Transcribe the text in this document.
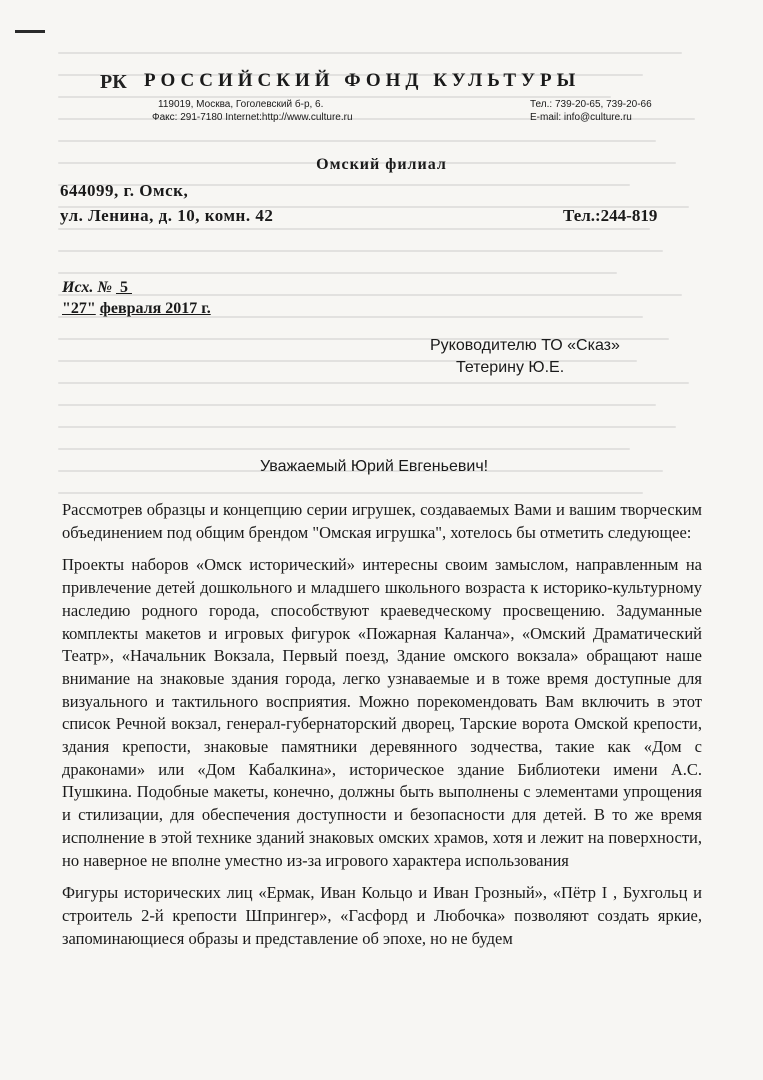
РК РОССИЙСКИЙ ФОНД КУЛЬТУРЫ
119019, Москва, Гоголевский б-р, 6.	Тел.: 739-20-65, 739-20-66
Факс: 291-7180 Internet:http://www.culture.ru	E-mail: info@culture.ru
Омский филиал
644099, г. Омск,
ул. Ленина, д. 10, комн. 42	Тел.:244-819
Исх. № 5
"27" февраля 2017 г.
Руководителю ТО «Сказ»
Тетерину Ю.Е.
Уважаемый Юрий Евгеньевич!

Рассмотрев образцы и концепцию серии игрушек, создаваемых Вами и вашим творческим объединением под общим брендом "Омская игрушка", хотелось бы отметить следующее:

Проекты наборов «Омск исторический» интересны своим замыслом, направленным на привлечение детей дошкольного и младшего школьного возраста к историко-культурному наследию родного города, способствуют краеведческому просвещению. Задуманные комплекты макетов и игровых фигурок «Пожарная Каланча», «Омский Драматический Театр», «Начальник Вокзала, Первый поезд, Здание омского вокзала» обращают наше внимание на знаковые здания города, легко узнаваемые и в тоже время доступные для визуального и тактильного восприятия. Можно порекомендовать Вам включить в этот список Речной вокзал, генерал-губернаторский дворец, Тарские ворота Омской крепости, здания крепости, знаковые памятники деревянного зодчества, такие как «Дом с драконами» или «Дом Кабалкина», историческое здание Библиотеки имени А.С. Пушкина. Подобные макеты, конечно, должны быть выполнены с элементами упрощения и стилизации, для обеспечения доступности и безопасности для детей. В то же время исполнение в этой технике зданий знаковых омских храмов, хотя и лежит на поверхности, но наверное не вполне уместно из-за игрового характера использования

Фигуры исторических лиц «Ермак, Иван Кольцо и Иван Грозный», «Пётр I , Бухгольц и строитель 2-й крепости Шпрингер», «Гасфорд и Любочка» позволяют создать яркие, запоминающиеся образы и представление об эпохе, но не будем
